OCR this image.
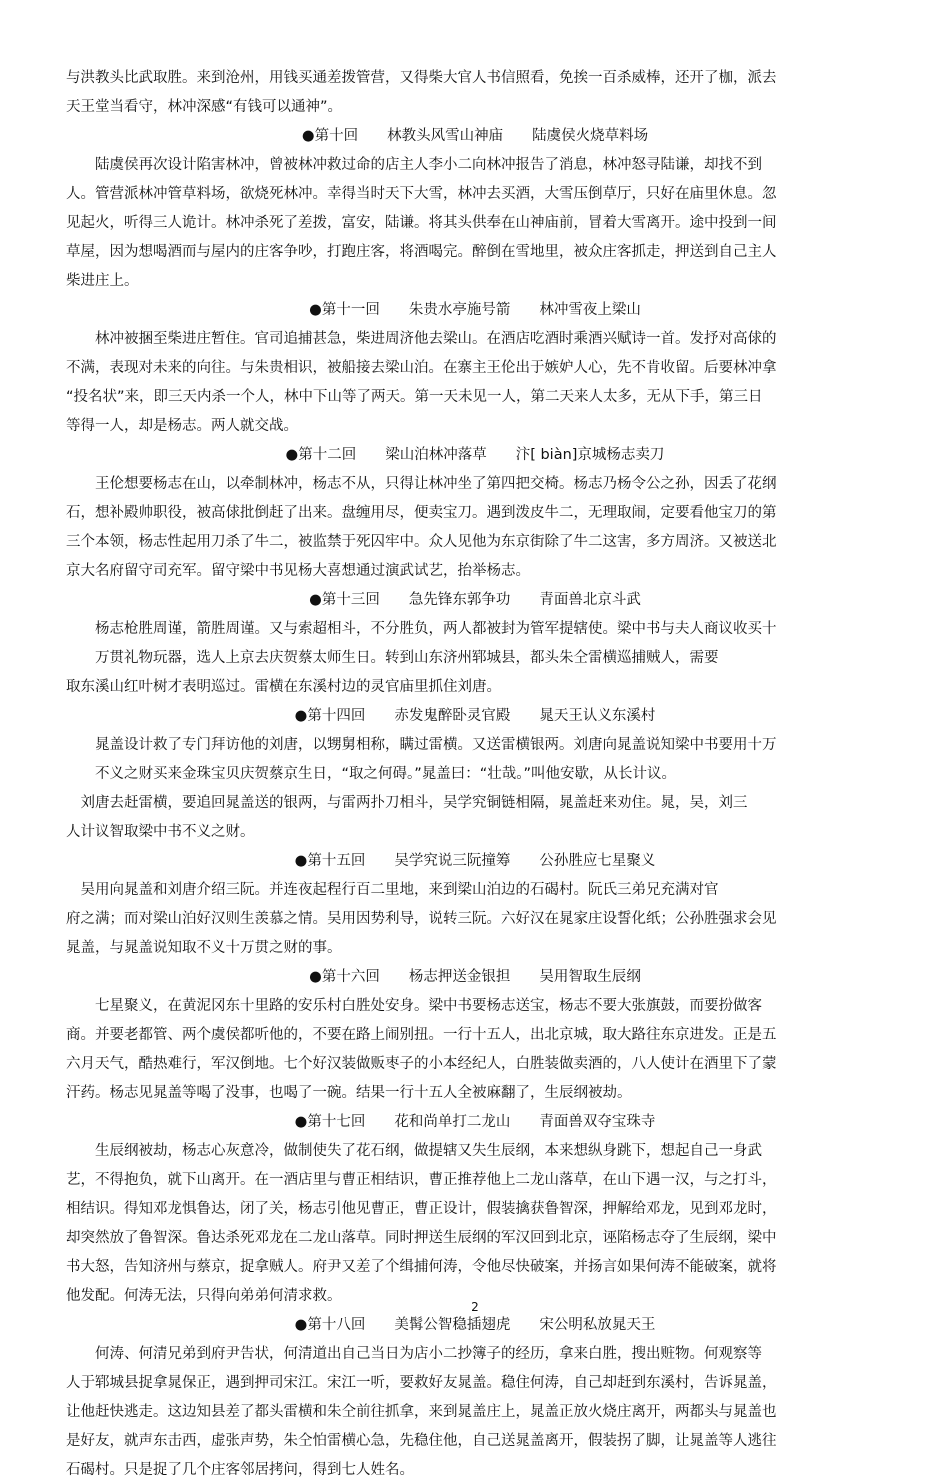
与洪教头比武取胜。来到沧州，用钱买通差拨管营，又得柴大官人书信照看，免挨一百杀威棒，还开了枷，派去
天王堂当看守，林冲深感“有钱可以通神”。
●第十回　　林教头风雪山神庙　　陆虞侯火烧草料场
　　陆虞侯再次设计陷害林冲，曾被林冲救过命的店主人李小二向林冲报告了消息，林冲怒寻陆谦，却找不到
人。管营派林冲管草料场，欲烧死林冲。幸得当时天下大雪，林冲去买酒，大雪压倒草厅，只好在庙里休息。忽
见起火，听得三人诡计。林冲杀死了差拨，富安，陆谦。将其头供奉在山神庙前，冒着大雪离开。途中投到一间
草屋，因为想喝酒而与屋内的庄客争吵，打跑庄客，将酒喝完。醉倒在雪地里，被众庄客抓走，押送到自己主人
柴进庄上。
●第十一回　　朱贵水亭施号箭　　林冲雪夜上梁山
　　林冲被捆至柴进庄暂住。官司追捕甚急，柴进周济他去梁山。在酒店吃酒时乘酒兴赋诗一首。发抒对高俅的
不满，表现对未来的向往。与朱贵相识，被船接去梁山泊。在寨主王伦出于嫉妒人心，先不肯收留。后要林冲拿
“投名状”来，即三天内杀一个人，林中下山等了两天。第一天未见一人，第二天来人太多，无从下手，第三日
等得一人，却是杨志。两人就交战。
●第十二回　　梁山泊林冲落草　　汴[ biàn]京城杨志卖刀
　　王伦想要杨志在山，以牵制林冲，杨志不从，只得让林冲坐了第四把交椅。杨志乃杨令公之孙，因丢了花纲
石，想补殿帅职役，被高俅批倒赶了出来。盘缠用尽，便卖宝刀。遇到泼皮牛二，无理取闹，定要看他宝刀的第
三个本领，杨志性起用刀杀了牛二，被监禁于死囚牢中。众人见他为东京街除了牛二这害，多方周济。又被送北
京大名府留守司充军。留守梁中书见杨大喜想通过演武试艺，抬举杨志。
●第十三回　　急先锋东郭争功　　青面兽北京斗武
　　杨志枪胜周谨，箭胜周谨。又与索超相斗，不分胜负，两人都被封为管军提辖使。梁中书与夫人商议收买十
　　万贯礼物玩器，选人上京去庆贺蔡太师生日。转到山东济州郓城县，都头朱仝雷横巡捕贼人，需要
取东溪山红叶树才表明巡过。雷横在东溪村边的灵官庙里抓住刘唐。
●第十四回　　赤发鬼醉卧灵官殿　　晁天王认义东溪村
　　晁盖设计救了专门拜访他的刘唐，以甥舅相称，瞒过雷横。又送雷横银两。刘唐向晁盖说知梁中书要用十万
　　不义之财买来金珠宝贝庆贺蔡京生日，“取之何碍。”晁盖曰：“壮哉。”叫他安歇，从长计议。
　刘唐去赶雷横，要追回晁盖送的银两，与雷两扑刀相斗，吴学究铜链相隔，晁盖赶来劝住。晁，吴，刘三
人计议智取梁中书不义之财。
●第十五回　　吴学究说三阮撞筹　　公孙胜应七星聚义
　吴用向晁盖和刘唐介绍三阮。并连夜起程行百二里地，来到梁山泊边的石碣村。阮氏三弟兄充满对官
府之满；而对梁山泊好汉则生羡慕之情。吴用因势利导，说转三阮。六好汉在晁家庄设誓化纸；公孙胜强求会见
晁盖，与晁盖说知取不义十万贯之财的事。
●第十六回　　杨志押送金银担　　吴用智取生辰纲
　　七星聚义，在黄泥冈东十里路的安乐村白胜处安身。梁中书要杨志送宝，杨志不要大张旗鼓，而要扮做客
商。并要老都管、两个虞侯都听他的，不要在路上闹别扭。一行十五人，出北京城，取大路往东京进发。正是五
六月天气，酷热难行，军汉倒地。七个好汉装做贩枣子的小本经纪人，白胜装做卖酒的，八人使计在酒里下了蒙
汗药。杨志见晁盖等喝了没事，也喝了一碗。结果一行十五人全被麻翻了，生辰纲被劫。
●第十七回　　花和尚单打二龙山　　青面兽双夺宝珠寺
　　生辰纲被劫，杨志心灰意冷，做制使失了花石纲，做提辖又失生辰纲，本来想纵身跳下，想起自己一身武
艺，不得抱负，就下山离开。在一酒店里与曹正相结识，曹正推荐他上二龙山落草，在山下遇一汉，与之打斗，
相结识。得知邓龙惧鲁达，闭了关，杨志引他见曹正，曹正设计，假装擒获鲁智深，押解给邓龙，见到邓龙时，
却突然放了鲁智深。鲁达杀死邓龙在二龙山落草。同时押送生辰纲的军汉回到北京，诬陷杨志夺了生辰纲，梁中
书大怒，告知济州与蔡京，捉拿贼人。府尹又差了个缉捕何涛，令他尽快破案，并扬言如果何涛不能破案，就将
他发配。何涛无法，只得向弟弟何清求救。
●第十八回　　美髯公智稳插翅虎　　宋公明私放晁天王
　　何涛、何清兄弟到府尹告状，何清道出自己当日为店小二抄簿子的经历，拿来白胜，搜出赃物。何观察等
人于郓城县捉拿晁保正，遇到押司宋江。宋江一听，要救好友晁盖。稳住何涛，自己却赶到东溪村，告诉晁盖，
让他赶快逃走。这边知县差了都头雷横和朱仝前往抓拿，来到晁盖庄上，晁盖正放火烧庄离开，两都头与晁盖也
是好友，就声东击西，虚张声势，朱仝怕雷横心急，先稳住他，自己送晁盖离开，假装拐了脚，让晁盖等人逃往
石碣村。只是捉了几个庄客邻居拷问，得到七人姓名。
2
